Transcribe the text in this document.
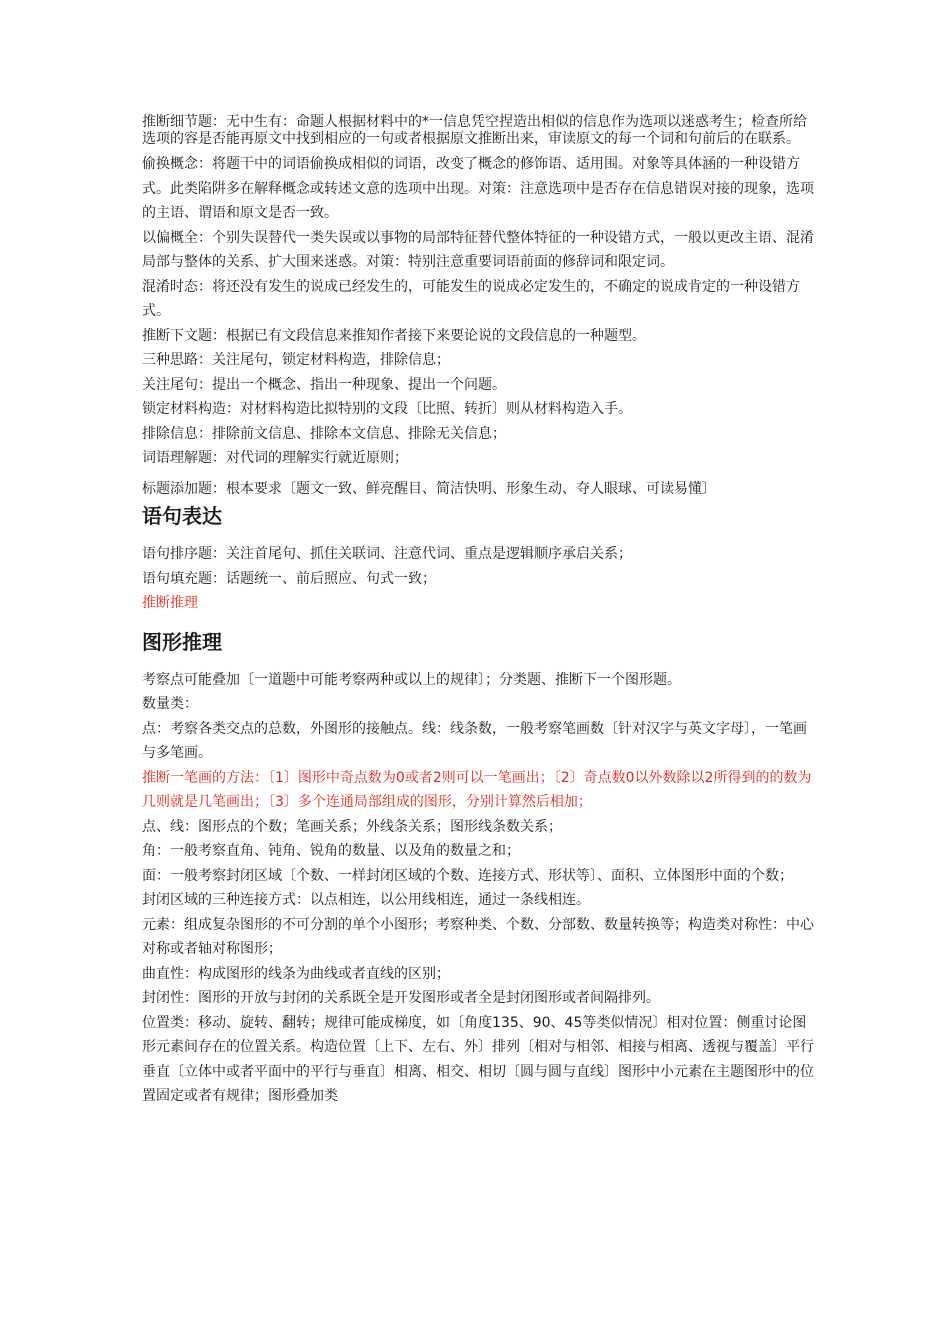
推断细节题：无中生有：命题人根据材料中的*一信息凭空捏造出相似的信息作为选项以迷惑考生；检查所给选项的容是否能再原文中找到相应的一句或者根据原文推断出来，审读原文的每一个词和句前后的在联系。

偷换概念：将题干中的词语偷换成相似的词语，改变了概念的修饰语、适用围。对象等具体涵的一种设错方式。此类陷阱多在解释概念或转述文意的选项中出现。对策：注意选项中是否存在信息错误对接的现象，选项的主语、谓语和原文是否一致。

以偏概全：个别失误替代一类失误或以事物的局部特征替代整体特征的一种设错方式，一般以更改主语、混淆局部与整体的关系、扩大围来迷惑。对策：特别注意重要词语前面的修辞词和限定词。

混淆时态：将还没有发生的说成已经发生的，可能发生的说成必定发生的，不确定的说成肯定的一种设错方式。

推断下文题：根据已有文段信息来推知作者接下来要论说的文段信息的一种题型。

三种思路：关注尾句，锁定材料构造，排除信息；

关注尾句：提出一个概念、指出一种现象、提出一个问题。

锁定材料构造：对材料构造比拟特别的文段〔比照、转折〕则从材料构造入手。

排除信息：排除前文信息、排除本文信息、排除无关信息；

词语理解题：对代词的理解实行就近原则；

标题添加题：根本要求〔题文一致、鲜亮醒目、简洁快明、形象生动、夺人眼球、可读易懂〕

语句表达

语句排序题：关注首尾句、抓住关联词、注意代词、重点是逻辑顺序承启关系；

语句填充题：话题统一、前后照应、句式一致；

推断推理

图形推理

考察点可能叠加〔一道题中可能考察两种或以上的规律〕；分类题、推断下一个图形题。

数量类：

点：考察各类交点的总数，外图形的接触点。线：线条数，一般考察笔画数〔针对汉字与英文字母〕，一笔画与多笔画。

推断一笔画的方法：〔1〕图形中奇点数为0或者2则可以一笔画出；〔2〕奇点数0以外数除以2所得到的的数为几则就是几笔画出；〔3〕多个连通局部组成的图形，分别计算然后相加；

点、线：图形点的个数；笔画关系；外线条关系；图形线条数关系；

角：一般考察直角、钝角、锐角的数量、以及角的数量之和；

面：一般考察封闭区域〔个数、一样封闭区域的个数、连接方式、形状等〕、面积、立体图形中面的个数；

封闭区域的三种连接方式：以点相连，以公用线相连，通过一条线相连。

元素：组成复杂图形的不可分割的单个小图形；考察种类、个数、分部数、数量转换等；构造类对称性：中心对称或者轴对称图形；

曲直性：构成图形的线条为曲线或者直线的区别；

封闭性：图形的开放与封闭的关系既全是开发图形或者全是封闭图形或者间隔排列。

位置类：移动、旋转、翻转；规律可能成梯度，如〔角度135、90、45等类似情况〕相对位置：侧重讨论图形元素间存在的位置关系。构造位置〔上下、左右、外〕排列〔相对与相邻、相接与相离、透视与覆盖〕平行垂直〔立体中或者平面中的平行与垂直〕相离、相交、相切〔圆与圆与直线〕图形中小元素在主题图形中的位置固定或者有规律；图形叠加类
